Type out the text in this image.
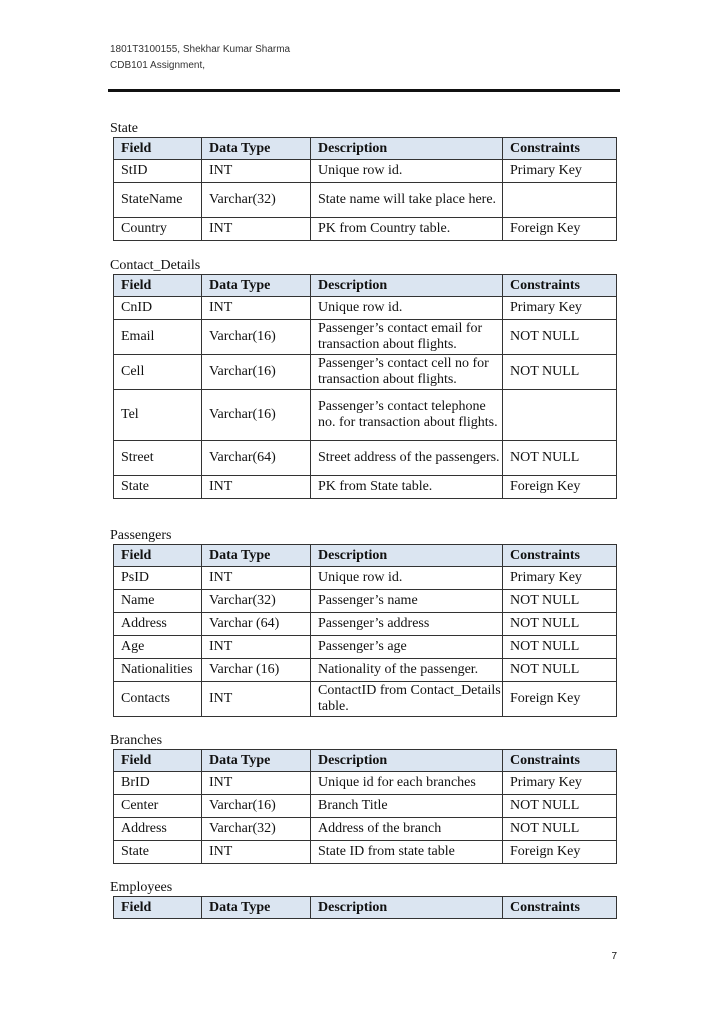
1801T3100155, Shekhar Kumar Sharma
CDB101 Assignment,
State
Field	Data Type	Description	Constraints
StID	INT	Unique row id.	Primary Key
StateName	Varchar(32)	State name will take place here.	
Country	INT	PK from Country table.	Foreign Key
Contact_Details
Field	Data Type	Description	Constraints
CnID	INT	Unique row id.	Primary Key
Email	Varchar(16)	Passenger’s contact email for transaction about flights.	NOT NULL
Cell	Varchar(16)	Passenger’s contact cell no for transaction about flights.	NOT NULL
Tel	Varchar(16)	Passenger’s contact telephone no. for transaction about flights.	
Street	Varchar(64)	Street address of the passengers.	NOT NULL
State	INT	PK from State table.	Foreign Key
Passengers
Field	Data Type	Description	Constraints
PsID	INT	Unique row id.	Primary Key
Name	Varchar(32)	Passenger’s name	NOT NULL
Address	Varchar (64)	Passenger’s address	NOT NULL
Age	INT	Passenger’s age	NOT NULL
Nationalities	Varchar (16)	Nationality of the passenger.	NOT NULL
Contacts	INT	ContactID from Contact_Details table.	Foreign Key
Branches
Field	Data Type	Description	Constraints
BrID	INT	Unique id for each branches	Primary Key
Center	Varchar(16)	Branch Title	NOT NULL
Address	Varchar(32)	Address of the branch	NOT NULL
State	INT	State ID from state table	Foreign Key
Employees
Field	Data Type	Description	Constraints
7
